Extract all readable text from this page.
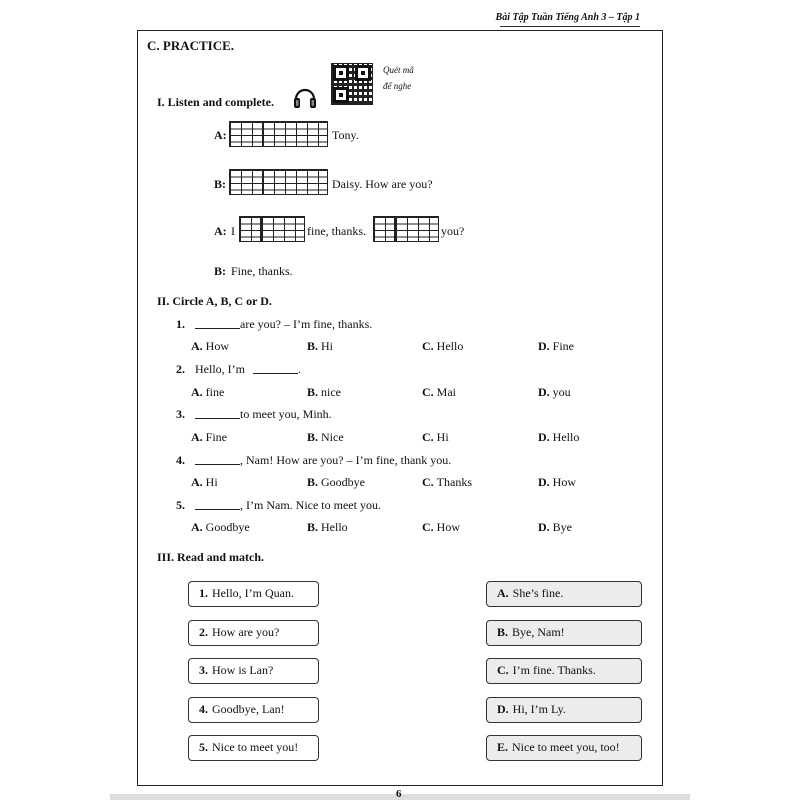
Bài Tập Tuần Tiếng Anh 3 – Tập 1
C. PRACTICE.
Quét mã
để nghe
I. Listen and complete.
A:	Tony.
B:	Daisy. How are you?
A: I	fine, thanks.	you?
B: Fine, thanks.
II. Circle A, B, C or D.
1.	are you? – I’m fine, thanks.
A. How	B. Hi	C. Hello	D. Fine
2. Hello, I’m	.
A. fine	B. nice	C. Mai	D. you
3.	to meet you, Minh.
A. Fine	B. Nice	C. Hi	D. Hello
4.	, Nam! How are you? – I’m fine, thank you.
A. Hi	B. Goodbye	C. Thanks	D. How
5.	, I’m Nam. Nice to meet you.
A. Goodbye	B. Hello	C. How	D. Bye
III. Read and match.
1. Hello, I’m Quan.
2. How are you?
3. How is Lan?
4. Goodbye, Lan!
5. Nice to meet you!
A. She’s fine.
B. Bye, Nam!
C. I’m fine. Thanks.
D. Hi, I’m Ly.
E. Nice to meet you, too!
6
